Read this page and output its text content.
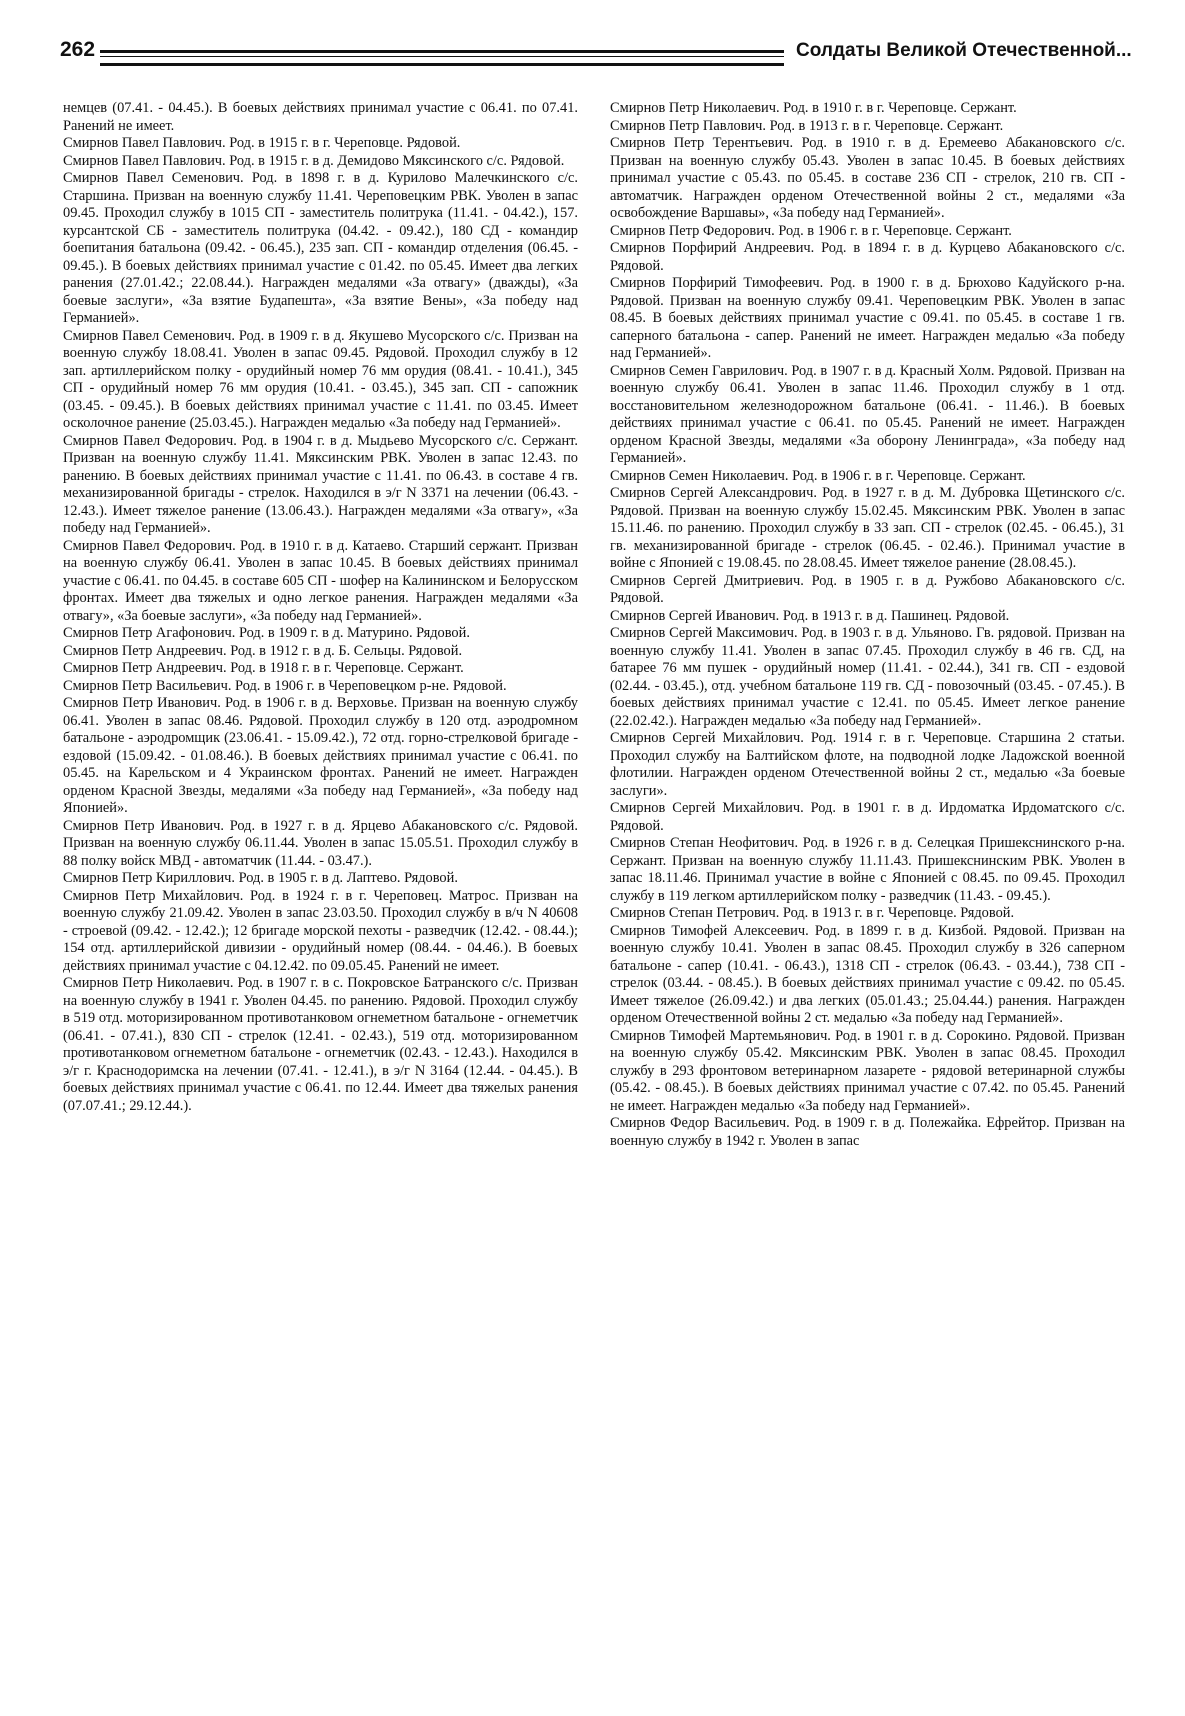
262	Солдаты Великой Отечественной...

немцев (07.41. - 04.45.). В боевых действиях принимал участие с 06.41. по 07.41. Ранений не имеет.

Смирнов Павел Павлович. Род. в 1915 г. в г. Череповце. Рядовой.

Смирнов Павел Павлович. Род. в 1915 г. в д. Демидово Мяксинского с/с. Рядовой.

Смирнов Павел Семенович. Род. в 1898 г. в д. Курилово Малечкинского с/с. Старшина. Призван на военную службу 11.41. Череповецким РВК. Уволен в запас 09.45. Проходил службу в 1015 СП - заместитель политрука (11.41. - 04.42.), 157. курсантской СБ - заместитель политрука (04.42. - 09.42.), 180 СД - командир боепитания батальона (09.42. - 06.45.), 235 зап. СП - командир отделения (06.45. - 09.45.). В боевых действиях принимал участие с 01.42. по 05.45. Имеет два легких ранения (27.01.42.; 22.08.44.). Награжден медалями «За отвагу» (дважды), «За боевые заслуги», «За взятие Будапешта», «За взятие Вены», «За победу над Германией».

Смирнов Павел Семенович. Род. в 1909 г. в д. Якушево Мусорского с/с. Призван на военную службу 18.08.41. Уволен в запас 09.45. Рядовой. Проходил службу в 12 зап. артиллерийском полку - орудийный номер 76 мм орудия (08.41. - 10.41.), 345 СП - орудийный номер 76 мм орудия (10.41. - 03.45.), 345 зап. СП - сапожник (03.45. - 09.45.). В боевых действиях принимал участие с 11.41. по 03.45. Имеет осколочное ранение (25.03.45.). Награжден медалью «За победу над Германией».

Смирнов Павел Федорович. Род. в 1904 г. в д. Мыдьево Мусорского с/с. Сержант. Призван на военную службу 11.41. Мяксинским РВК. Уволен в запас 12.43. по ранению. В боевых действиях принимал участие с 11.41. по 06.43. в составе 4 гв. механизированной бригады - стрелок. Находился в э/г N 3371 на лечении (06.43. - 12.43.). Имеет тяжелое ранение (13.06.43.). Награжден медалями «За отвагу», «За победу над Германией».

Смирнов Павел Федорович. Род. в 1910 г. в д. Катаево. Старший сержант. Призван на военную службу 06.41. Уволен в запас 10.45. В боевых действиях принимал участие с 06.41. по 04.45. в составе 605 СП - шофер на Калининском и Белорусском фронтах. Имеет два тяжелых и одно легкое ранения. Награжден медалями «За отвагу», «За боевые заслуги», «За победу над Германией».

Смирнов Петр Агафонович. Род. в 1909 г. в д. Матурино. Рядовой.

Смирнов Петр Андреевич. Род. в 1912 г. в д. Б. Сельцы. Рядовой.

Смирнов Петр Андреевич. Род. в 1918 г. в г. Череповце. Сержант.

Смирнов Петр Васильевич. Род. в 1906 г. в Череповецком р-не. Рядовой.

Смирнов Петр Иванович. Род. в 1906 г. в д. Верховье. Призван на военную службу 06.41. Уволен в запас 08.46. Рядовой. Проходил службу в 120 отд. аэродромном батальоне - аэродромщик (23.06.41. - 15.09.42.), 72 отд. горно-стрелковой бригаде - ездовой (15.09.42. - 01.08.46.). В боевых действиях принимал участие с 06.41. по 05.45. на Карельском и 4 Украинском фронтах. Ранений не имеет. Награжден орденом Красной Звезды, медалями «За победу над Германией», «За победу над Японией».

Смирнов Петр Иванович. Род. в 1927 г. в д. Ярцево Абакановского с/с. Рядовой. Призван на военную службу 06.11.44. Уволен в запас 15.05.51. Проходил службу в 88 полку войск МВД - автоматчик (11.44. - 03.47.).

Смирнов Петр Кириллович. Род. в 1905 г. в д. Лаптево. Рядовой.

Смирнов Петр Михайлович. Род. в 1924 г. в г. Череповец. Матрос. Призван на военную службу 21.09.42. Уволен в запас 23.03.50. Проходил службу в в/ч N 40608 - строевой (09.42. - 12.42.); 12 бригаде морской пехоты - разведчик (12.42. - 08.44.); 154 отд. артиллерийской дивизии - орудийный номер (08.44. - 04.46.). В боевых действиях принимал участие с 04.12.42. по 09.05.45. Ранений не имеет.

Смирнов Петр Николаевич. Род. в 1907 г. в с. Покровское Батранского с/с. Призван на военную службу в 1941 г. Уволен 04.45. по ранению. Рядовой. Проходил службу в 519 отд. моторизированном противотанковом огнеметном батальоне - огнеметчик (06.41. - 07.41.), 830 СП - стрелок (12.41. - 02.43.), 519 отд. моторизированном противотанковом огнеметном батальоне - огнеметчик (02.43. - 12.43.). Находился в э/г г. Краснодоримска на лечении (07.41. - 12.41.), в э/г N 3164 (12.44. - 04.45.). В боевых действиях принимал участие с 06.41. по 12.44. Имеет два тяжелых ранения (07.07.41.; 29.12.44.).

Смирнов Петр Николаевич. Род. в 1910 г. в г. Череповце. Сержант.

Смирнов Петр Павлович. Род. в 1913 г. в г. Череповце. Сержант.

Смирнов Петр Терентьевич. Род. в 1910 г. в д. Еремеево Абакановского с/с. Призван на военную службу 05.43. Уволен в запас 10.45. В боевых действиях принимал участие с 05.43. по 05.45. в составе 236 СП - стрелок, 210 гв. СП - автоматчик. Награжден орденом Отечественной войны 2 ст., медалями «За освобождение Варшавы», «За победу над Германией».

Смирнов Петр Федорович. Род. в 1906 г. в г. Череповце. Сержант.

Смирнов Порфирий Андреевич. Род. в 1894 г. в д. Курцево Абакановского с/с. Рядовой.

Смирнов Порфирий Тимофеевич. Род. в 1900 г. в д. Брюхово Кадуйского р-на. Рядовой. Призван на военную службу 09.41. Череповецким РВК. Уволен в запас 08.45. В боевых действиях принимал участие с 09.41. по 05.45. в составе 1 гв. саперного батальона - сапер. Ранений не имеет. Награжден медалью «За победу над Германией».

Смирнов Семен Гаврилович. Род. в 1907 г. в д. Красный Холм. Рядовой. Призван на военную службу 06.41. Уволен в запас 11.46. Проходил службу в 1 отд. восстановительном железнодорожном батальоне (06.41. - 11.46.). В боевых действиях принимал участие с 06.41. по 05.45. Ранений не имеет. Награжден орденом Красной Звезды, медалями «За оборону Ленинграда», «За победу над Германией».

Смирнов Семен Николаевич. Род. в 1906 г. в г. Череповце. Сержант.

Смирнов Сергей Александрович. Род. в 1927 г. в д. М. Дубровка Щетинского с/с. Рядовой. Призван на военную службу 15.02.45. Мяксинским РВК. Уволен в запас 15.11.46. по ранению. Проходил службу в 33 зап. СП - стрелок (02.45. - 06.45.), 31 гв. механизированной бригаде - стрелок (06.45. - 02.46.). Принимал участие в войне с Японией с 19.08.45. по 28.08.45. Имеет тяжелое ранение (28.08.45.).

Смирнов Сергей Дмитриевич. Род. в 1905 г. в д. Ружбово Абакановского с/с. Рядовой.

Смирнов Сергей Иванович. Род. в 1913 г. в д. Пашинец. Рядовой.

Смирнов Сергей Максимович. Род. в 1903 г. в д. Ульяново. Гв. рядовой. Призван на военную службу 11.41. Уволен в запас 07.45. Проходил службу в 46 гв. СД, на батарее 76 мм пушек - орудийный номер (11.41. - 02.44.), 341 гв. СП - ездовой (02.44. - 03.45.), отд. учебном батальоне 119 гв. СД - повозочный (03.45. - 07.45.). В боевых действиях принимал участие с 12.41. по 05.45. Имеет легкое ранение (22.02.42.). Награжден медалью «За победу над Германией».

Смирнов Сергей Михайлович. Род. 1914 г. в г. Череповце. Старшина 2 статьи. Проходил службу на Балтийском флоте, на подводной лодке Ладожской военной флотилии. Награжден орденом Отечественной войны 2 ст., медалью «За боевые заслуги».

Смирнов Сергей Михайлович. Род. в 1901 г. в д. Ирдоматка Ирдоматского с/с. Рядовой.

Смирнов Степан Неофитович. Род. в 1926 г. в д. Селецкая Пришекснинского р-на. Сержант. Призван на военную службу 11.11.43. Пришекснинским РВК. Уволен в запас 18.11.46. Принимал участие в войне с Японией с 08.45. по 09.45. Проходил службу в 119 легком артиллерийском полку - разведчик (11.43. - 09.45.).

Смирнов Степан Петрович. Род. в 1913 г. в г. Череповце. Рядовой.

Смирнов Тимофей Алексеевич. Род. в 1899 г. в д. Кизбой. Рядовой. Призван на военную службу 10.41. Уволен в запас 08.45. Проходил службу в 326 саперном батальоне - сапер (10.41. - 06.43.), 1318 СП - стрелок (06.43. - 03.44.), 738 СП - стрелок (03.44. - 08.45.). В боевых действиях принимал участие с 09.42. по 05.45. Имеет тяжелое (26.09.42.) и два легких (05.01.43.; 25.04.44.) ранения. Награжден орденом Отечественной войны 2 ст. медалью «За победу над Германией».

Смирнов Тимофей Мартемьянович. Род. в 1901 г. в д. Сорокино. Рядовой. Призван на военную службу 05.42. Мяксинским РВК. Уволен в запас 08.45. Проходил службу в 293 фронтовом ветеринарном лазарете - рядовой ветеринарной службы (05.42. - 08.45.). В боевых действиях принимал участие с 07.42. по 05.45. Ранений не имеет. Награжден медалью «За победу над Германией».

Смирнов Федор Васильевич. Род. в 1909 г. в д. Полежайка. Ефрейтор. Призван на военную службу в 1942 г. Уволен в запас
